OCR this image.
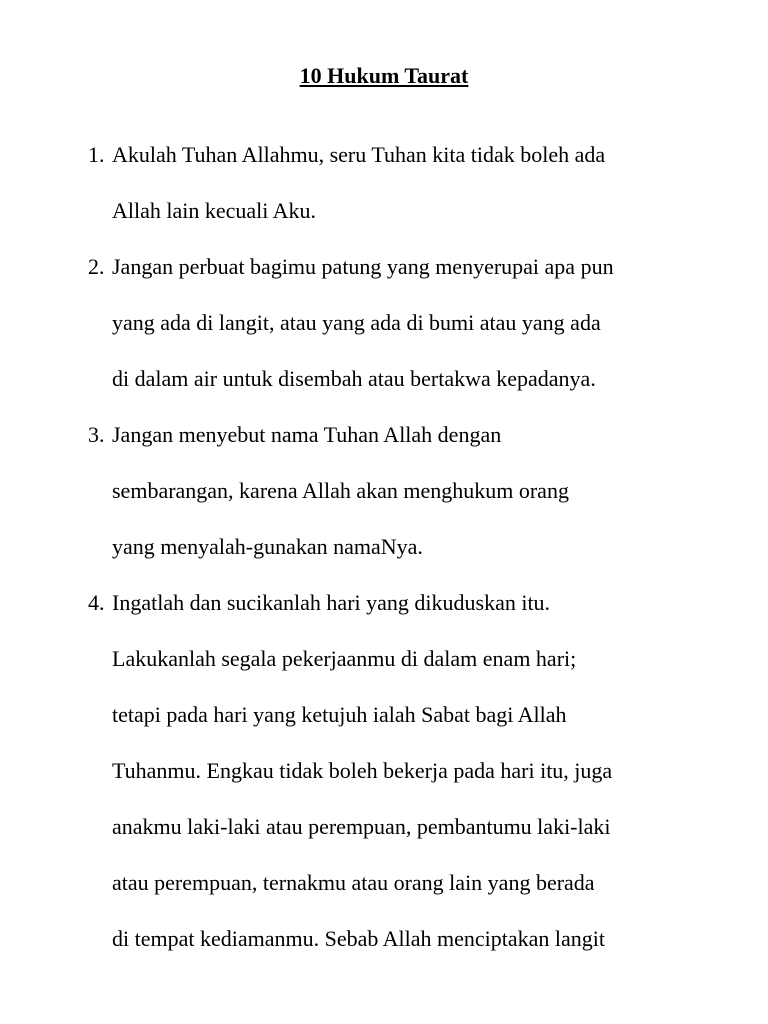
10 Hukum Taurat
1. Akulah Tuhan Allahmu, seru Tuhan kita tidak boleh ada
Allah lain kecuali Aku.
2. Jangan perbuat bagimu patung yang menyerupai apa pun
yang ada di langit, atau yang ada di bumi atau yang ada
di dalam air untuk disembah atau bertakwa kepadanya.
3. Jangan menyebut nama Tuhan Allah dengan
sembarangan, karena Allah akan menghukum orang
yang menyalah-gunakan namaNya.
4. Ingatlah dan sucikanlah hari yang dikuduskan itu.
Lakukanlah segala pekerjaanmu di dalam enam hari;
tetapi pada hari yang ketujuh ialah Sabat bagi Allah
Tuhanmu. Engkau tidak boleh bekerja pada hari itu, juga
anakmu laki-laki atau perempuan, pembantumu laki-laki
atau perempuan, ternakmu atau orang lain yang berada
di tempat kediamanmu. Sebab Allah menciptakan langit
